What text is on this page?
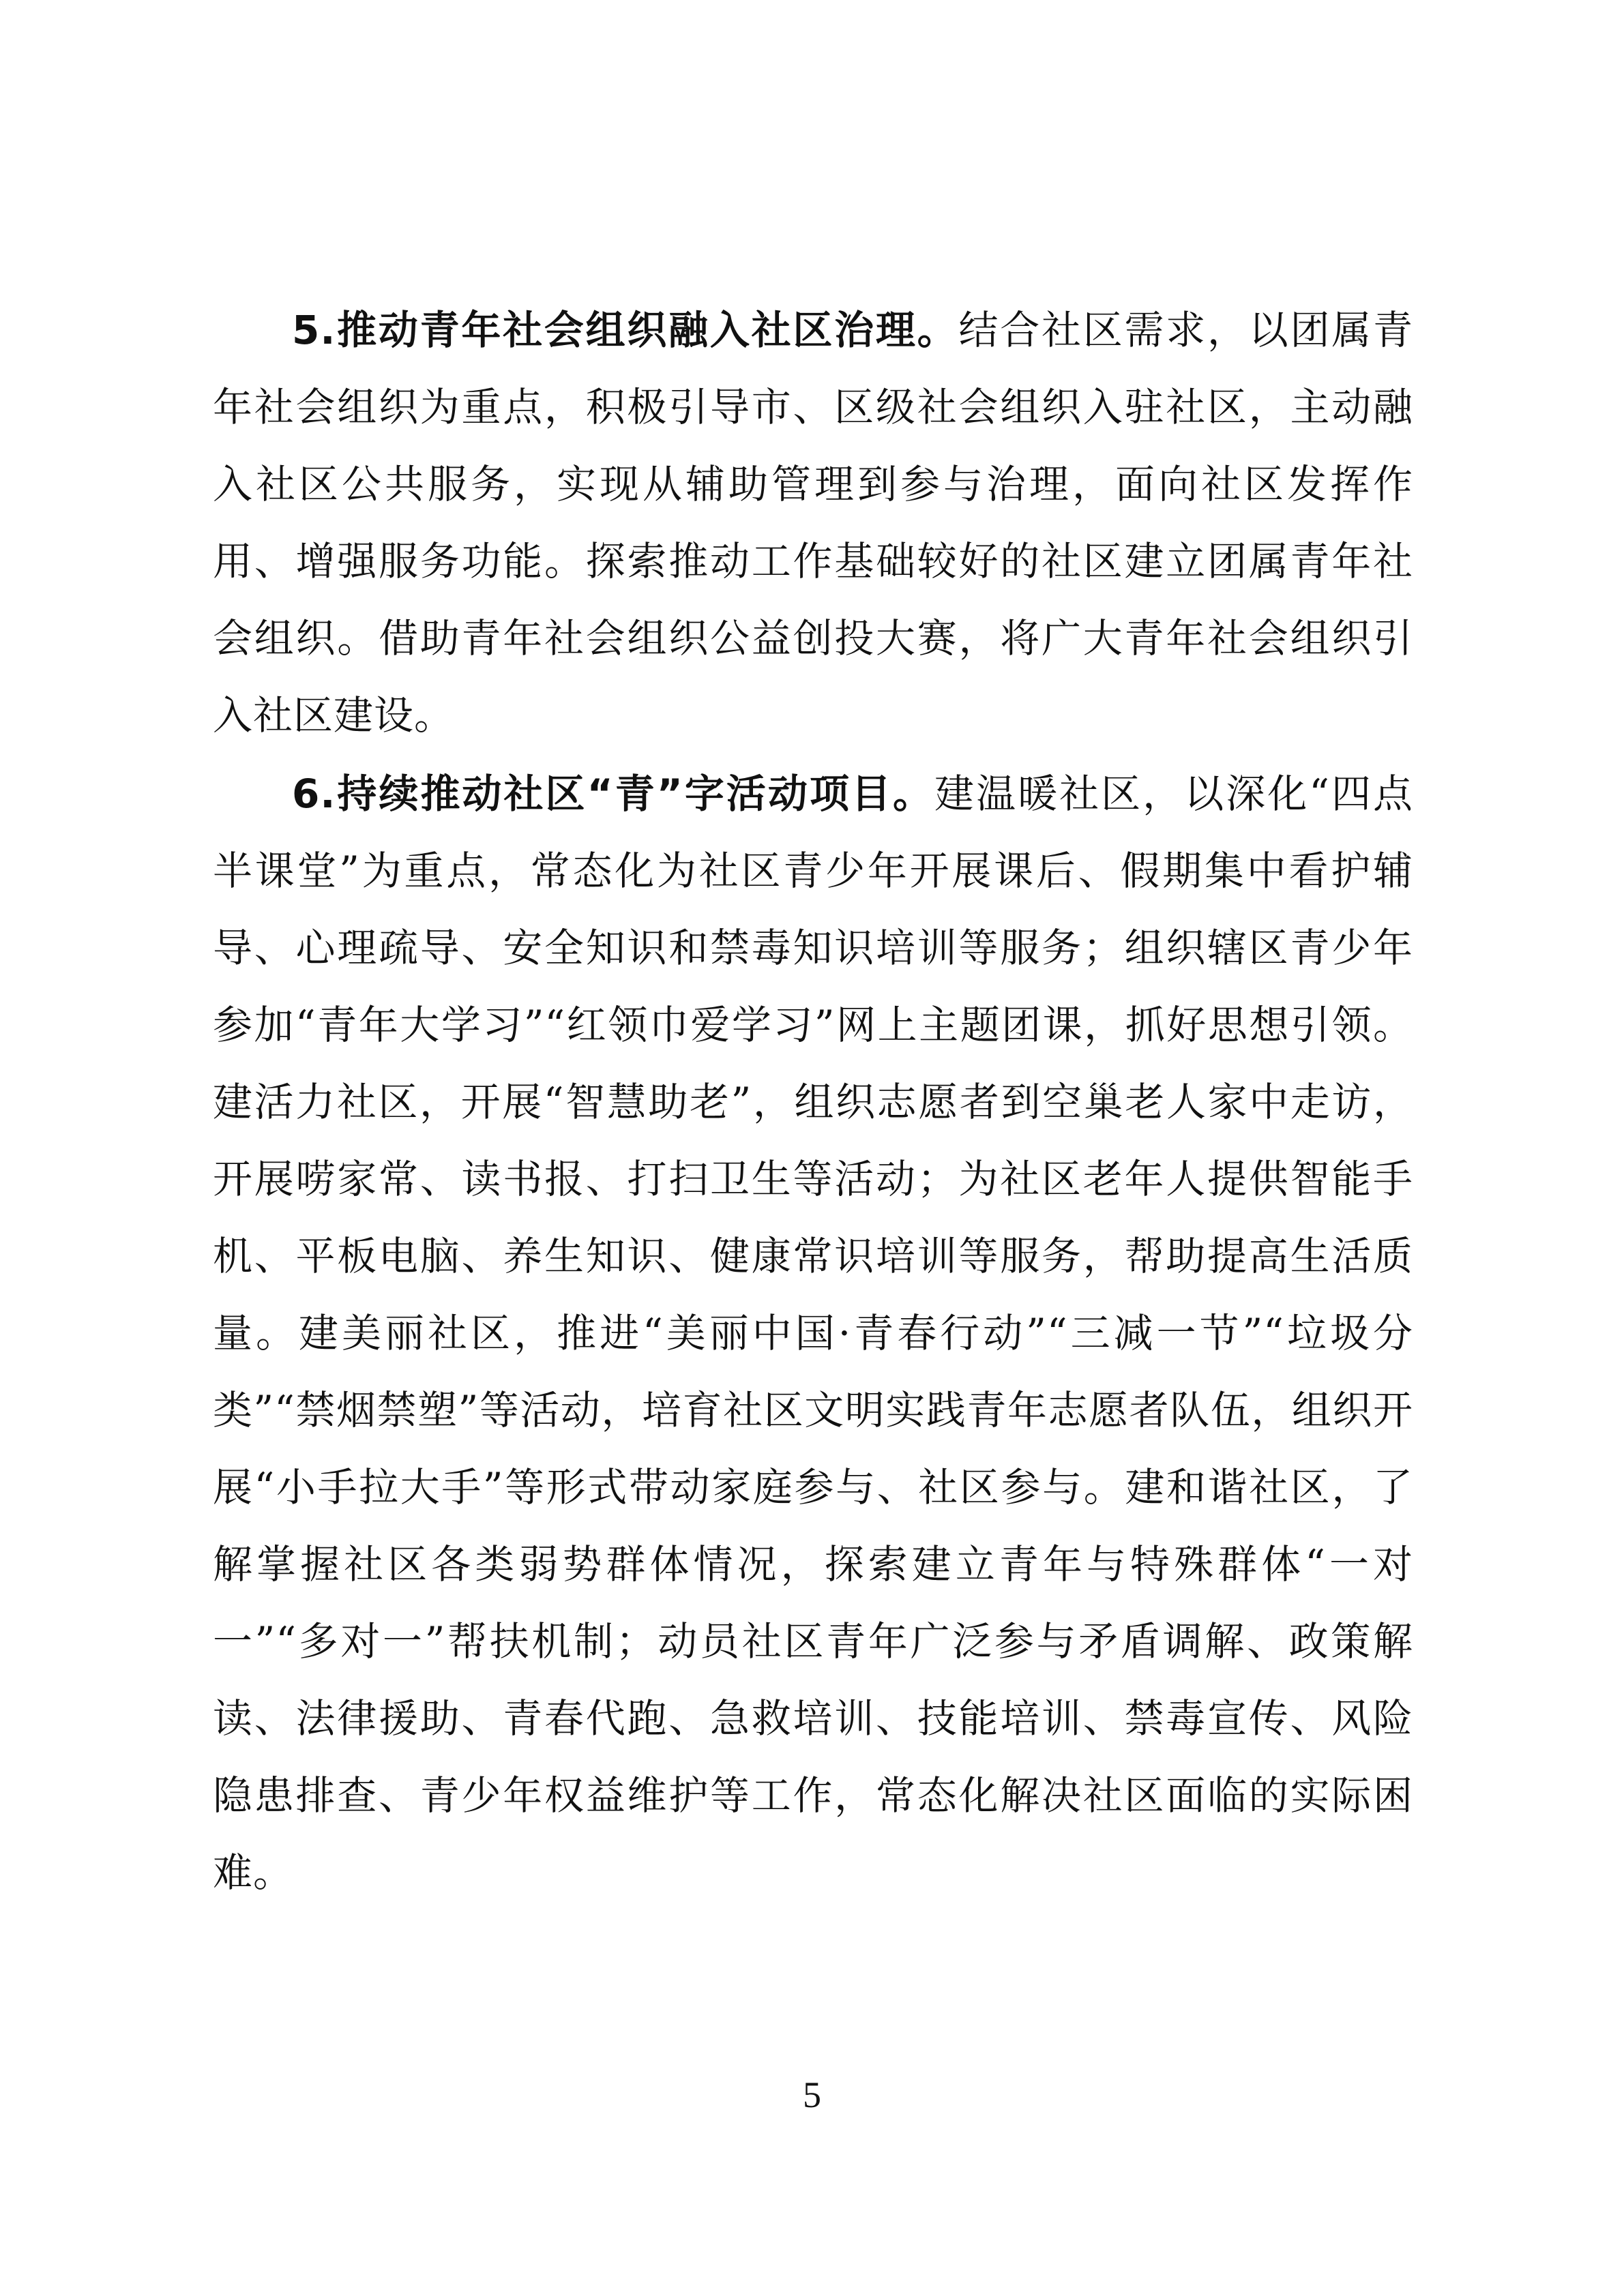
5.推动青年社会组织融入社区治理。结合社区需求，以团属青年社会组织为重点，积极引导市、区级社会组织入驻社区，主动融入社区公共服务，实现从辅助管理到参与治理，面向社区发挥作用、增强服务功能。探索推动工作基础较好的社区建立团属青年社会组织。借助青年社会组织公益创投大赛，将广大青年社会组织引入社区建设。

6.持续推动社区“青”字活动项目。建温暖社区，以深化“四点半课堂”为重点，常态化为社区青少年开展课后、假期集中看护辅导、心理疏导、安全知识和禁毒知识培训等服务；组织辖区青少年参加“青年大学习”“红领巾爱学习”网上主题团课，抓好思想引领。建活力社区，开展“智慧助老”，组织志愿者到空巢老人家中走访，开展唠家常、读书报、打扫卫生等活动；为社区老年人提供智能手机、平板电脑、养生知识、健康常识培训等服务，帮助提高生活质量。建美丽社区，推进“美丽中国·青春行动”“三减一节”“垃圾分类”“禁烟禁塑”等活动，培育社区文明实践青年志愿者队伍，组织开展“小手拉大手”等形式带动家庭参与、社区参与。建和谐社区，了解掌握社区各类弱势群体情况，探索建立青年与特殊群体“一对一”“多对一”帮扶机制；动员社区青年广泛参与矛盾调解、政策解读、法律援助、青春代跑、急救培训、技能培训、禁毒宣传、风险隐患排查、青少年权益维护等工作，常态化解决社区面临的实际困难。

5
